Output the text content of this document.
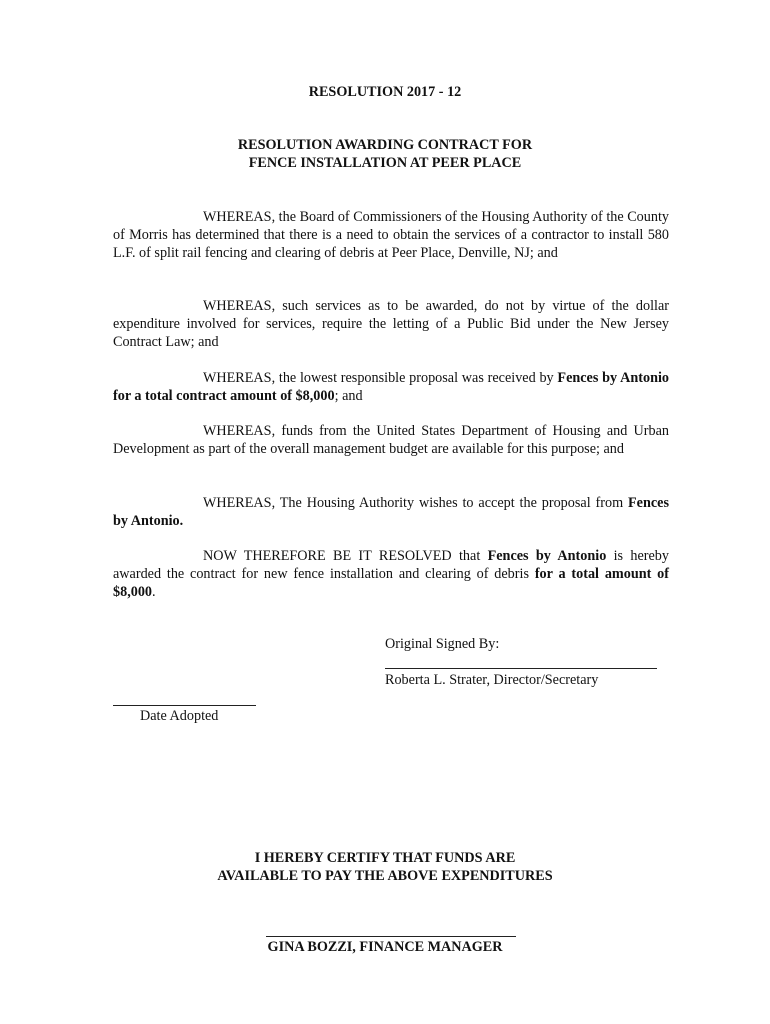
RESOLUTION 2017 - 12
RESOLUTION AWARDING CONTRACT FOR
FENCE INSTALLATION AT PEER PLACE

WHEREAS, the Board of Commissioners of the Housing Authority of the County of Morris has determined that there is a need to obtain the services of a contractor to install 580 L.F. of split rail fencing and clearing of debris at Peer Place, Denville, NJ; and

WHEREAS, such services as to be awarded, do not by virtue of the dollar expenditure involved for services, require the letting of a Public Bid under the New Jersey Contract Law; and

WHEREAS, the lowest responsible proposal was received by Fences by Antonio for a total contract amount of $8,000; and

WHEREAS, funds from the United States Department of Housing and Urban Development as part of the overall management budget are available for this purpose; and

WHEREAS, The Housing Authority wishes to accept the proposal from Fences by Antonio.

NOW THEREFORE BE IT RESOLVED that Fences by Antonio is hereby awarded the contract for new fence installation and clearing of debris for a total amount of $8,000.

Original Signed By:
Roberta L. Strater, Director/Secretary
Date Adopted
I HEREBY CERTIFY THAT FUNDS ARE
AVAILABLE TO PAY THE ABOVE EXPENDITURES
GINA BOZZI, FINANCE MANAGER
